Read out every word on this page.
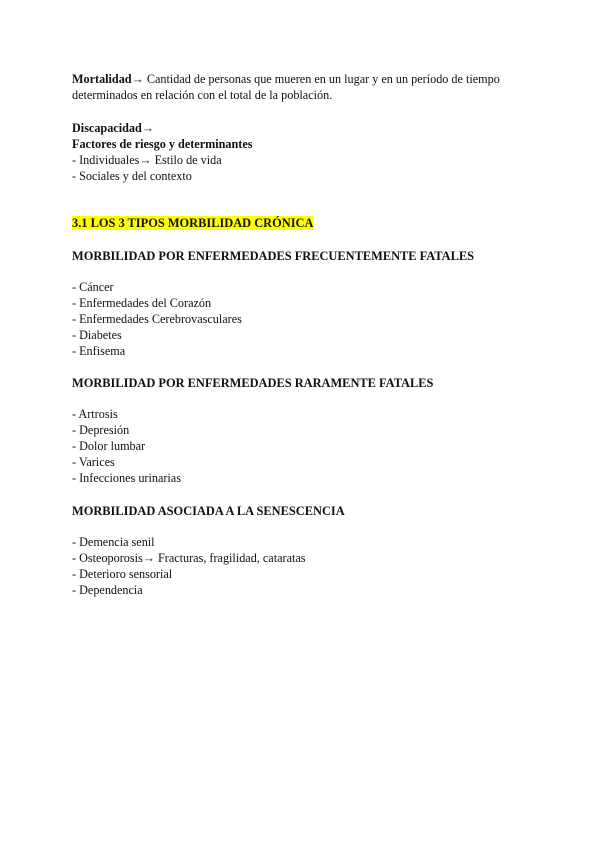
Mortalidad→ Cantidad de personas que mueren en un lugar y en un período de tiempo
determinados en relación con el total de la población.
Discapacidad→
Factores de riesgo y determinantes
- Individuales→ Estilo de vida
- Sociales y del contexto
3.1 LOS 3 TIPOS MORBILIDAD CRÓNICA
MORBILIDAD POR ENFERMEDADES FRECUENTEMENTE FATALES
- Cáncer
- Enfermedades del Corazón
- Enfermedades Cerebrovasculares
- Diabetes
- Enfisema
MORBILIDAD POR ENFERMEDADES RARAMENTE FATALES
- Artrosis
- Depresión
- Dolor lumbar
- Varices
- Infecciones urinarias
MORBILIDAD ASOCIADA A LA SENESCENCIA
- Demencia senil
- Osteoporosis→ Fracturas, fragilidad, cataratas
- Deterioro sensorial
- Dependencia
